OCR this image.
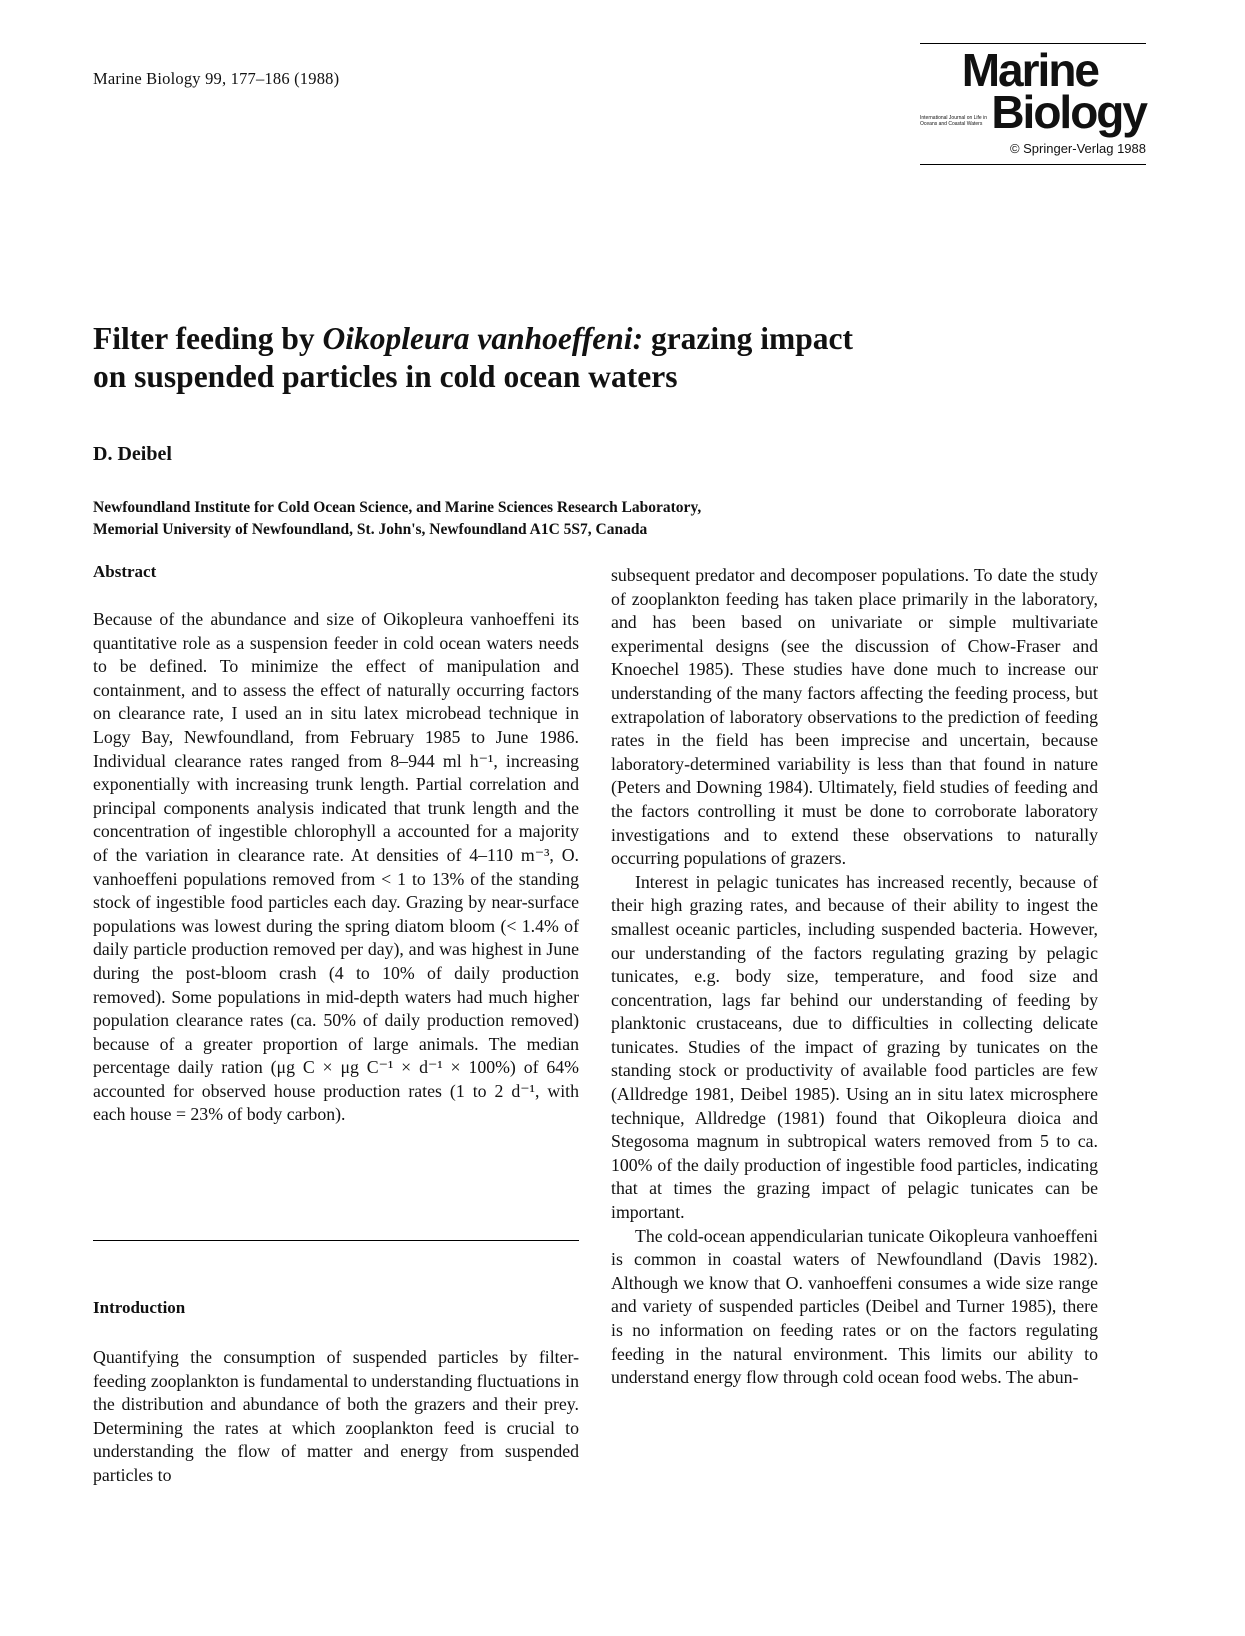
Marine Biology 99, 177–186 (1988)	Marine
International Journal on Life in Oceans and Coastal Waters Biology
© Springer-Verlag 1988
Filter feeding by Oikopleura vanhoeffeni: grazing impact
on suspended particles in cold ocean waters
D. Deibel
Newfoundland Institute for Cold Ocean Science, and Marine Sciences Research Laboratory,
Memorial University of Newfoundland, St. John's, Newfoundland A1C 5S7, Canada
Abstract
Because of the abundance and size of Oikopleura vanhoeffeni its quantitative role as a suspension feeder in cold ocean waters needs to be defined. To minimize the effect of manipulation and containment, and to assess the effect of naturally occurring factors on clearance rate, I used an in situ latex microbead technique in Logy Bay, Newfoundland, from February 1985 to June 1986. Individual clearance rates ranged from 8–944 ml h⁻¹, increasing exponentially with increasing trunk length. Partial correlation and principal components analysis indicated that trunk length and the concentration of ingestible chlorophyll a accounted for a majority of the variation in clearance rate. At densities of 4–110 m⁻³, O. vanhoeffeni populations removed from < 1 to 13% of the standing stock of ingestible food particles each day. Grazing by near-surface populations was lowest during the spring diatom bloom (< 1.4% of daily particle production removed per day), and was highest in June during the post-bloom crash (4 to 10% of daily production removed). Some populations in mid-depth waters had much higher population clearance rates (ca. 50% of daily production removed) because of a greater proportion of large animals. The median percentage daily ration (μg C × μg C⁻¹ × d⁻¹ × 100%) of 64% accounted for observed house production rates (1 to 2 d⁻¹, with each house = 23% of body carbon).
Introduction
Quantifying the consumption of suspended particles by filter-feeding zooplankton is fundamental to understanding fluctuations in the distribution and abundance of both the grazers and their prey. Determining the rates at which zooplankton feed is crucial to understanding the flow of matter and energy from suspended particles to

subsequent predator and decomposer populations. To date the study of zooplankton feeding has taken place primarily in the laboratory, and has been based on univariate or simple multivariate experimental designs (see the discussion of Chow-Fraser and Knoechel 1985). These studies have done much to increase our understanding of the many factors affecting the feeding process, but extrapolation of laboratory observations to the prediction of feeding rates in the field has been imprecise and uncertain, because laboratory-determined variability is less than that found in nature (Peters and Downing 1984). Ultimately, field studies of feeding and the factors controlling it must be done to corroborate laboratory investigations and to extend these observations to naturally occurring populations of grazers.

Interest in pelagic tunicates has increased recently, because of their high grazing rates, and because of their ability to ingest the smallest oceanic particles, including suspended bacteria. However, our understanding of the factors regulating grazing by pelagic tunicates, e.g. body size, temperature, and food size and concentration, lags far behind our understanding of feeding by planktonic crustaceans, due to difficulties in collecting delicate tunicates. Studies of the impact of grazing by tunicates on the standing stock or productivity of available food particles are few (Alldredge 1981, Deibel 1985). Using an in situ latex microsphere technique, Alldredge (1981) found that Oikopleura dioica and Stegosoma magnum in subtropical waters removed from 5 to ca. 100% of the daily production of ingestible food particles, indicating that at times the grazing impact of pelagic tunicates can be important.

The cold-ocean appendicularian tunicate Oikopleura vanhoeffeni is common in coastal waters of Newfoundland (Davis 1982). Although we know that O. vanhoeffeni consumes a wide size range and variety of suspended particles (Deibel and Turner 1985), there is no information on feeding rates or on the factors regulating feeding in the natural environment. This limits our ability to understand energy flow through cold ocean food webs. The abun-
